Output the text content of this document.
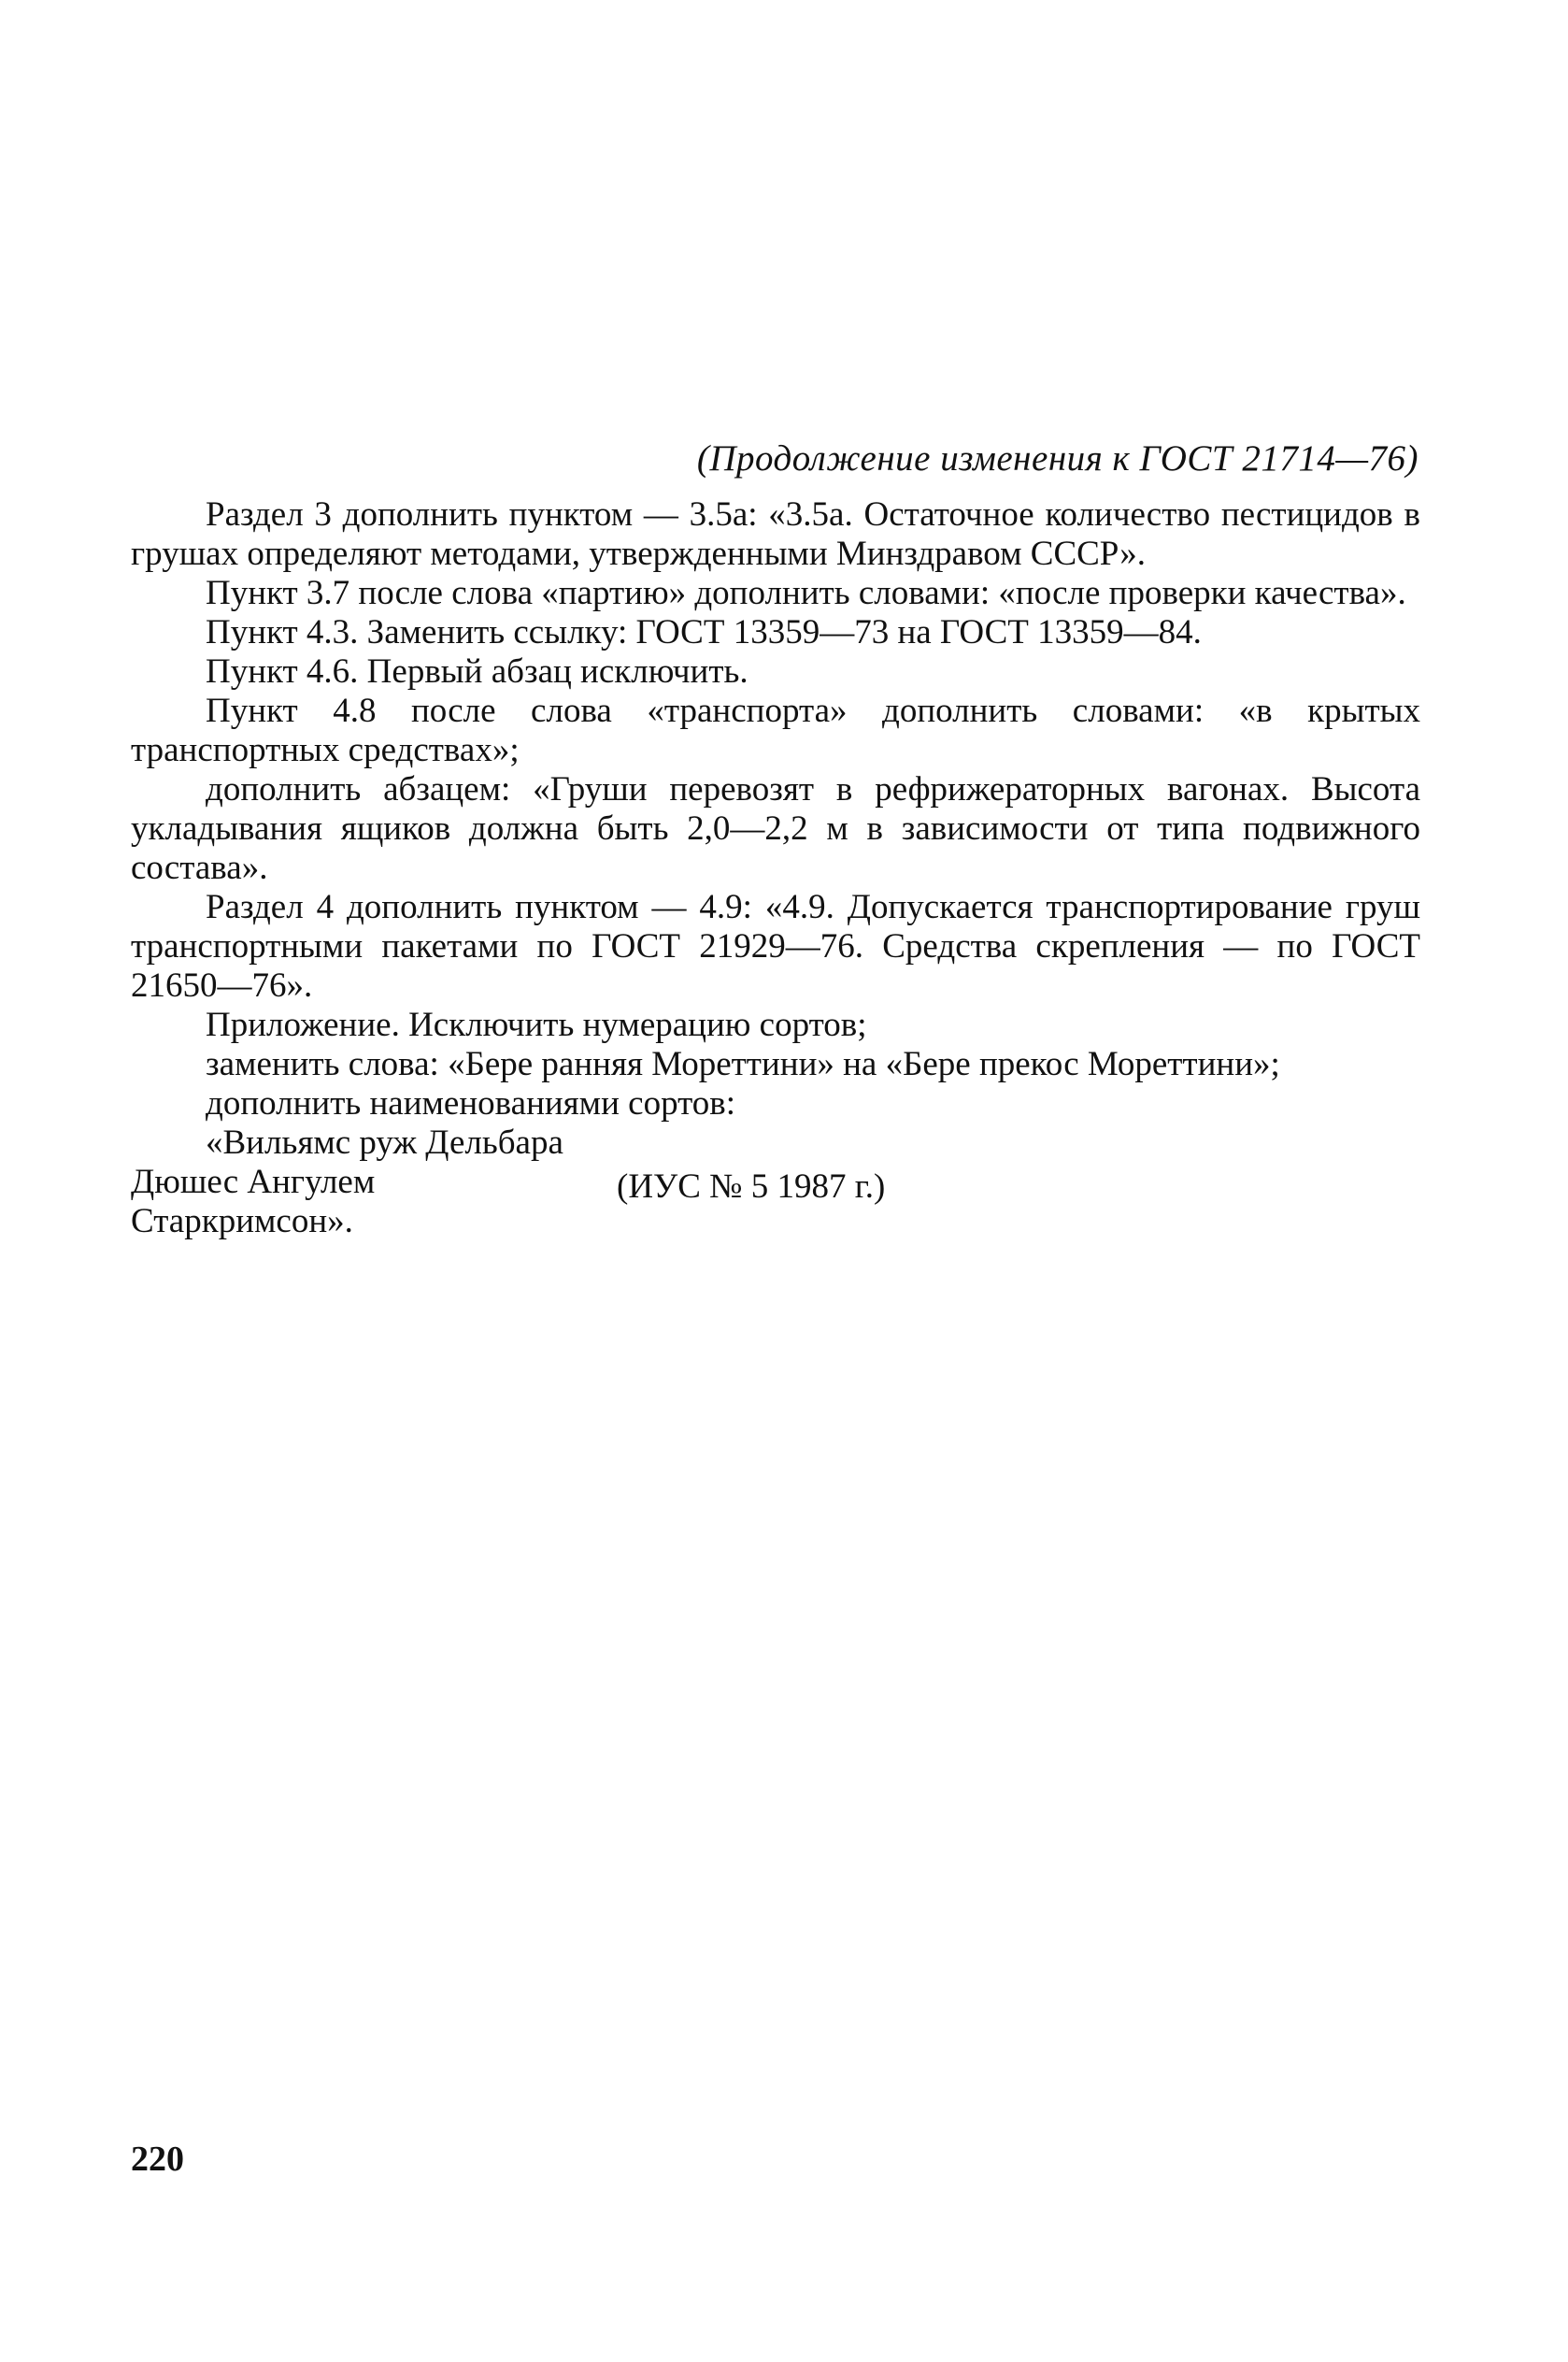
(Продолжение изменения к ГОСТ 21714—76)

Раздел 3 дополнить пунктом — 3.5а: «3.5а. Остаточное количество пестицидов в грушах определяют методами, утвержденными Минздравом СССР».

Пункт 3.7 после слова «партию» дополнить словами: «после проверки качества».

Пункт 4.3. Заменить ссылку: ГОСТ 13359—73 на ГОСТ 13359—84.

Пункт 4.6. Первый абзац исключить.

Пункт 4.8 после слова «транспорта» дополнить словами: «в крытых транспортных средствах»;

дополнить абзацем: «Груши перевозят в рефрижераторных вагонах. Высота укладывания ящиков должна быть 2,0—2,2 м в зависимости от типа подвижного состава».

Раздел 4 дополнить пунктом — 4.9: «4.9. Допускается транспортирование груш транспортными пакетами по ГОСТ 21929—76. Средства скрепления — по ГОСТ 21650—76».

Приложение. Исключить нумерацию сортов;

заменить слова: «Бере ранняя Мореттини» на «Бере прекос Мореттини»;

дополнить наименованиями сортов:

«Вильямс руж Дельбара

Дюшес Ангулем

Старкримсон».

(ИУС № 5 1987 г.)
220
